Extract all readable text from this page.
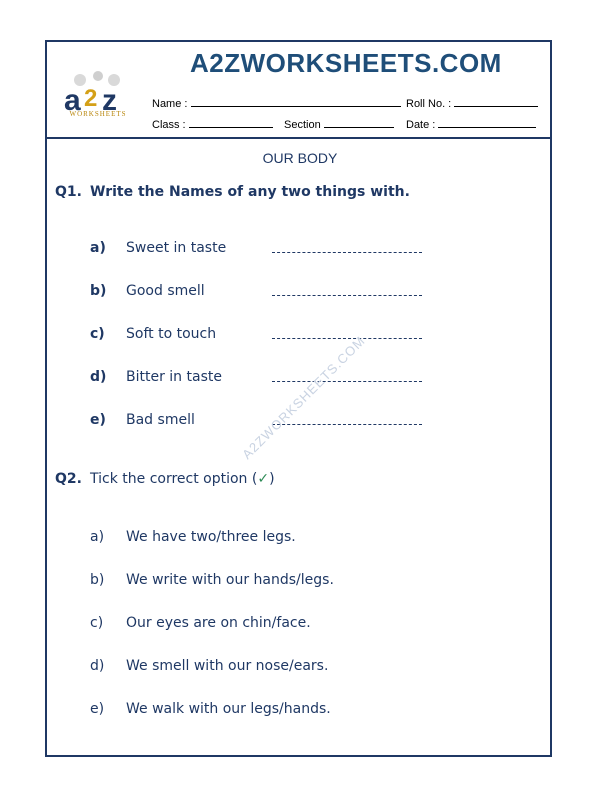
A2ZWORKSHEETS.COM
a 2 z
WORKSHEETS
Name :	Roll No. :
Class :	Section	Date :
OUR BODY
Q1. Write the Names of any two things with.
a) Sweet in taste
b) Good smell
c) Soft to touch
d) Bitter in taste
e) Bad smell
Q2. Tick the correct option (✓)
a) We have two/three legs.
b) We write with our hands/legs.
c) Our eyes are on chin/face.
d) We smell with our nose/ears.
e) We walk with our legs/hands.
A2ZWORKSHEETS.COM
